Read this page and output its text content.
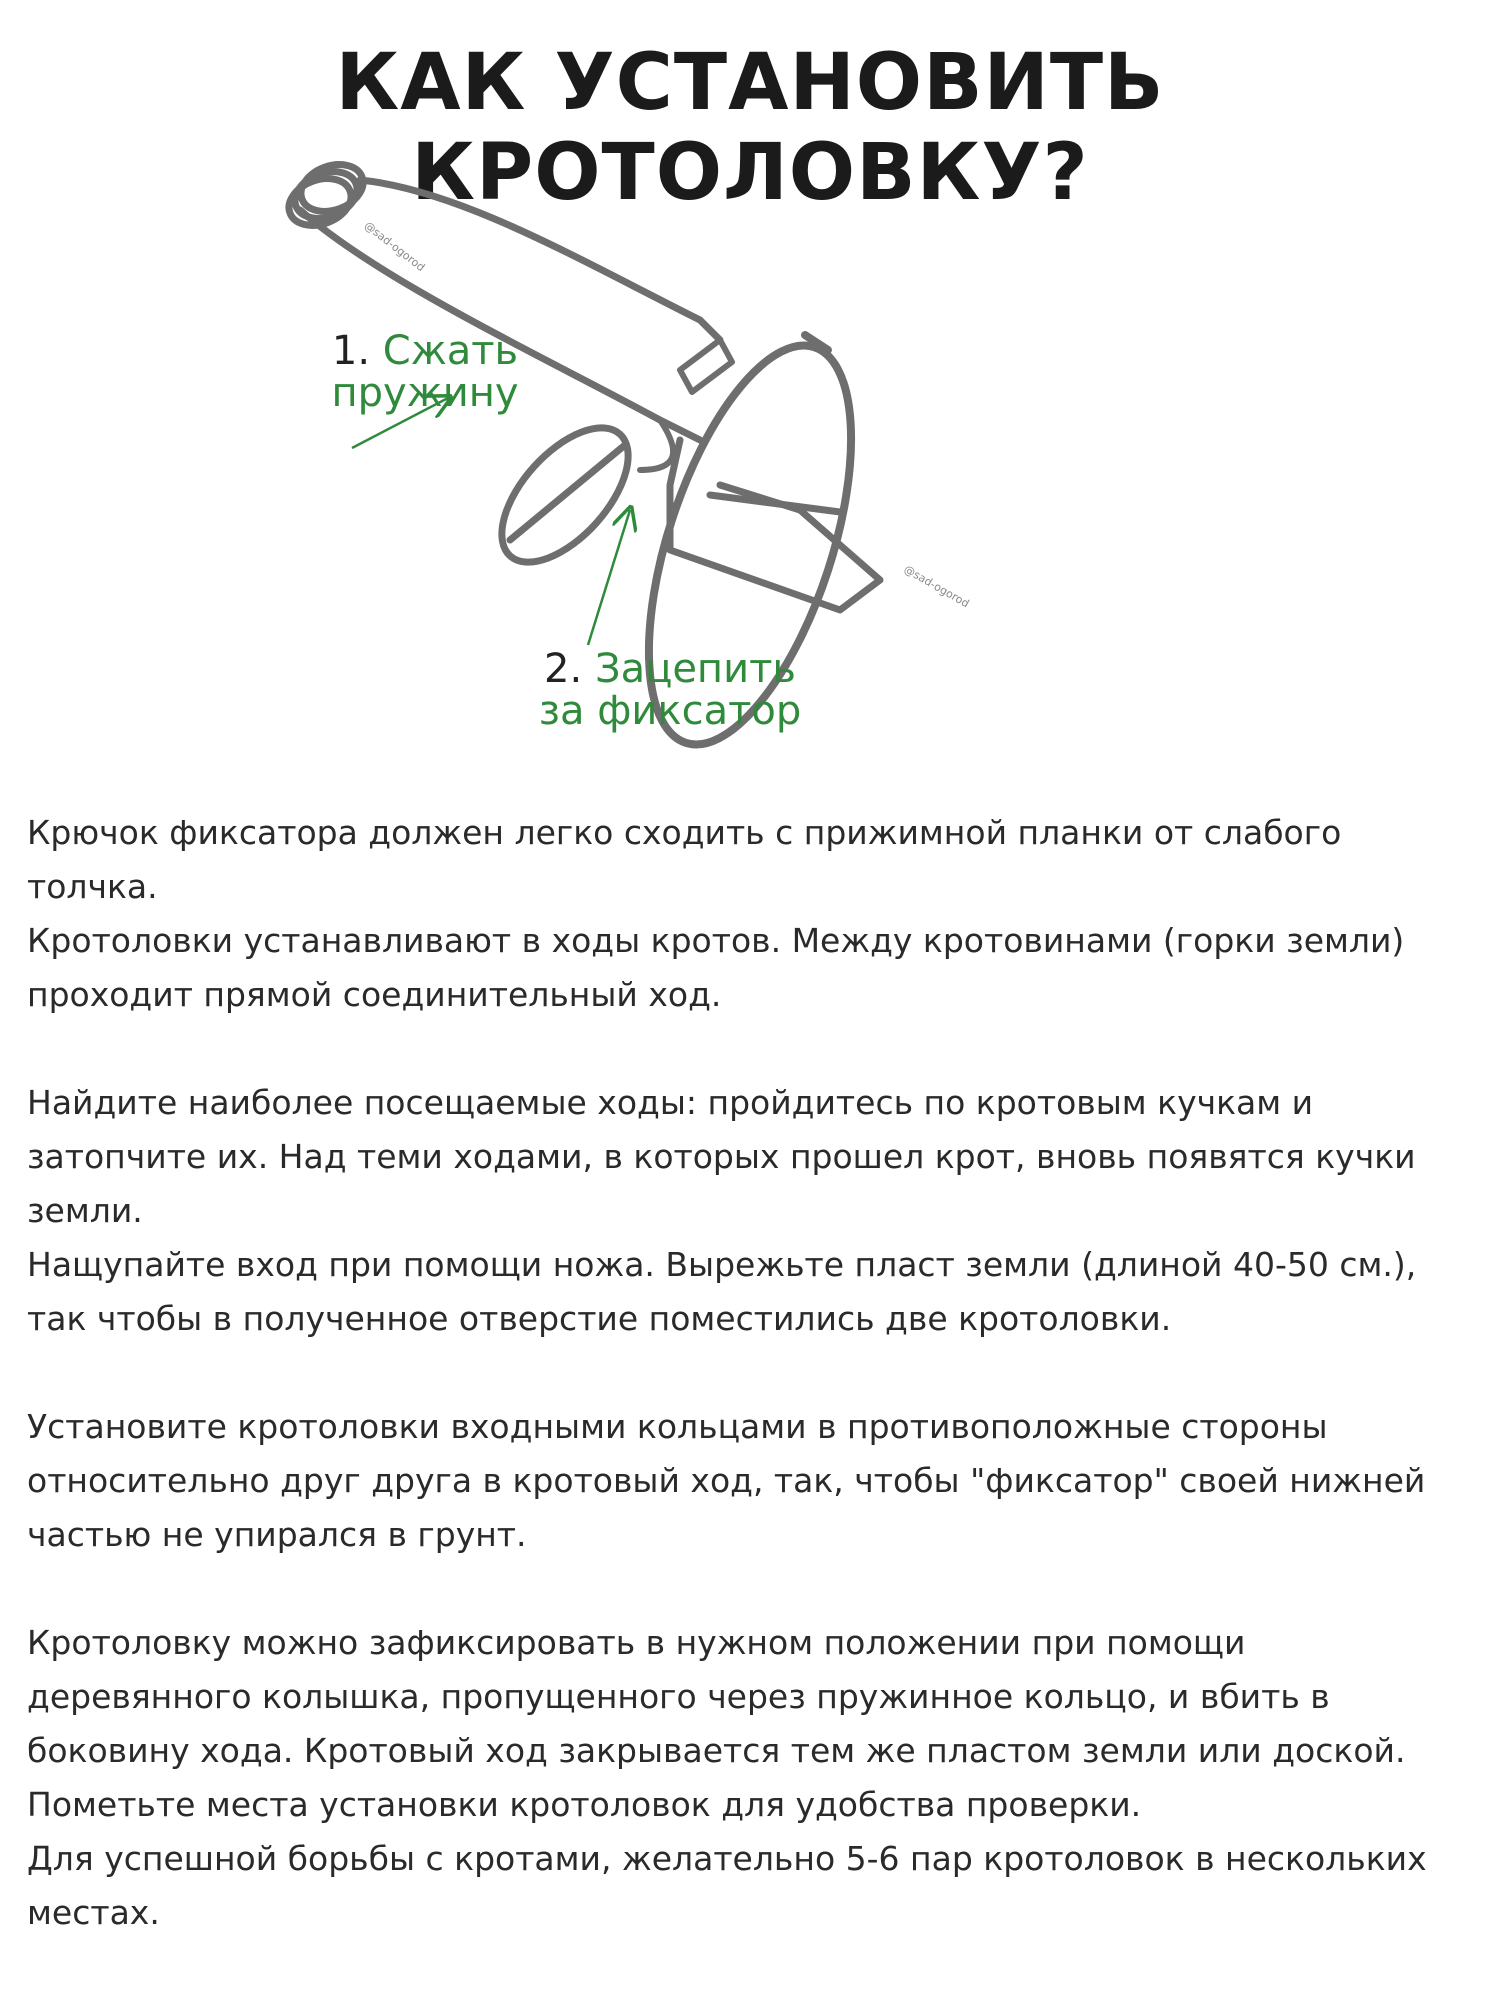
КАК УСТАНОВИТЬ КРОТОЛОВКУ?
1. Сжать
пружину
2. Зацепить
за фиксатор
@sad-ogorod
@sad-ogorod

Крючок фиксатора должен легко сходить с прижимной планки от слабого толчка.

Кротоловки устанавливают в ходы кротов. Между кротовинами (горки земли) проходит прямой соединительный ход.

Найдите наиболее посещаемые ходы: пройдитесь по кротовым кучкам и затопчите их. Над теми ходами, в которых прошел крот, вновь появятся кучки земли.

Нащупайте вход при помощи ножа. Вырежьте пласт земли (длиной 40-50 см.), так чтобы в полученное отверстие поместились две кротоловки.

Установите кротоловки входными кольцами в противоположные стороны относительно друг друга в кротовый ход, так, чтобы "фиксатор" своей нижней частью не упирался в грунт.

Кротоловку можно зафиксировать в нужном положении при помощи деревянного колышка, пропущенного через пружинное кольцо, и вбить в боковину хода. Кротовый ход закрывается тем же пластом земли или доской.

Пометьте места установки кротоловок для удобства проверки.

Для успешной борьбы с кротами, желательно 5-6 пар кротоловок в нескольких местах.
